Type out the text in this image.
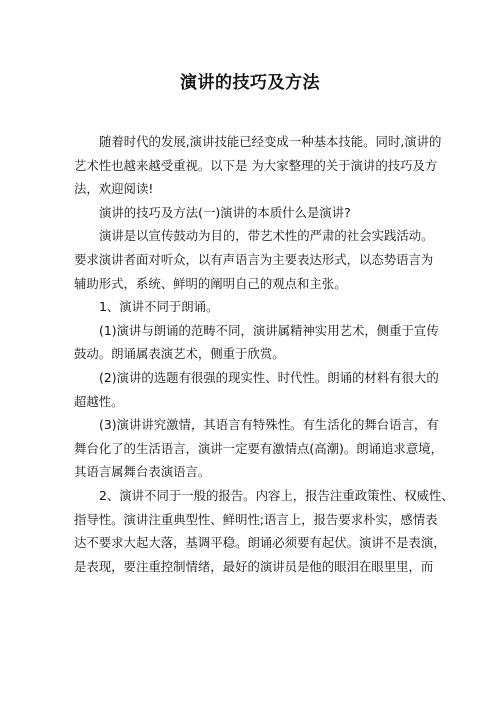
演讲的技巧及方法
随着时代的发展,演讲技能已经变成一种基本技能。同时,演讲的
艺术性也越来越受重视。以下是 为大家整理的关于演讲的技巧及方
法，欢迎阅读!
演讲的技巧及方法(一)演讲的本质什么是演讲?
演讲是以宣传鼓动为目的，带艺术性的严肃的社会实践活动。
要求演讲者面对听众，以有声语言为主要表达形式，以态势语言为
辅助形式，系统、鲜明的阐明自己的观点和主张。
1、演讲不同于朗诵。
(1)演讲与朗诵的范畴不同，演讲属精神实用艺术，侧重于宣传
鼓动。朗诵属表演艺术，侧重于欣赏。
(2)演讲的选题有很强的现实性、时代性。朗诵的材料有很大的
超越性。
(3)演讲讲究激情，其语言有特殊性。有生活化的舞台语言，有
舞台化了的生活语言，演讲一定要有激情点(高潮)。朗诵追求意境，
其语言属舞台表演语言。
2、演讲不同于一般的报告。内容上，报告注重政策性、权威性、
指导性。演讲注重典型性、鲜明性;语言上，报告要求朴实，感情表
达不要求大起大落，基调平稳。朗诵必须要有起伏。演讲不是表演，
是表现，要注重控制情绪，最好的演讲员是他的眼泪在眼里里，而
